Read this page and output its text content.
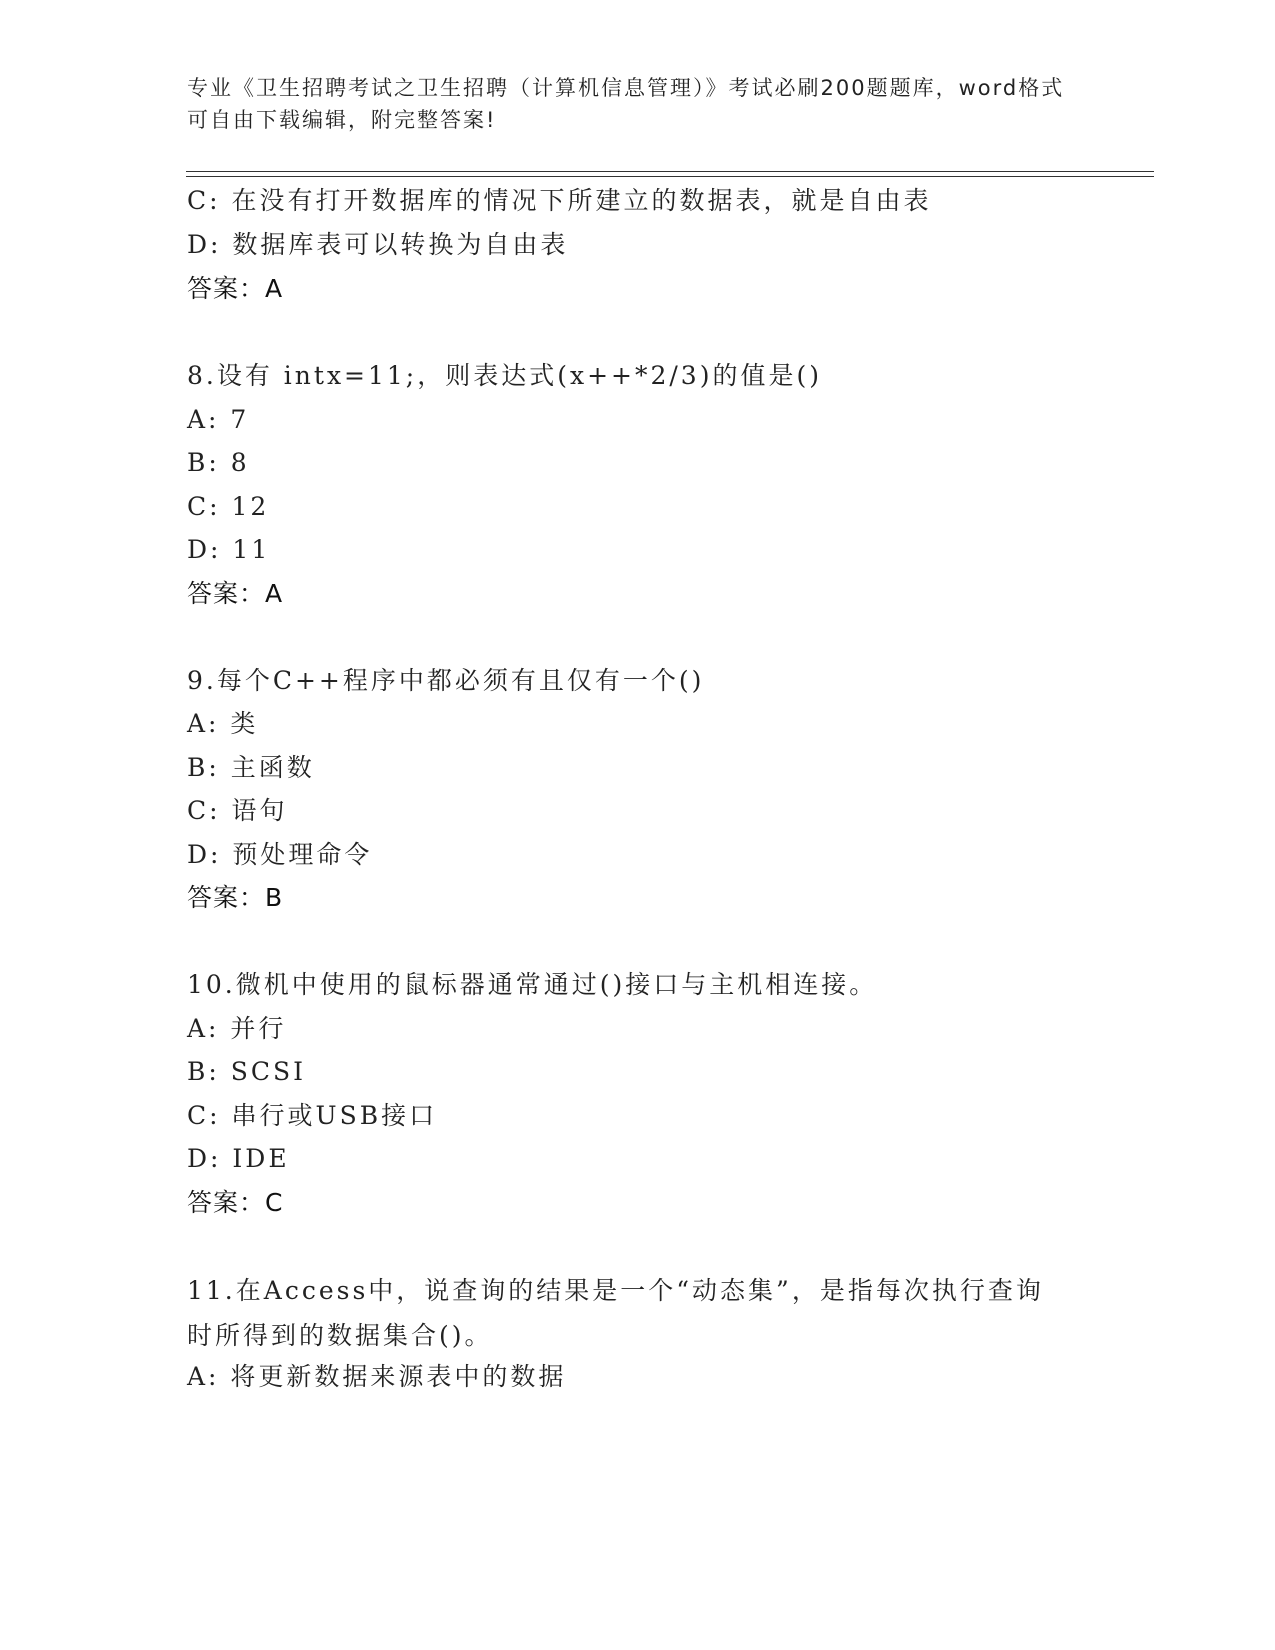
专业《卫生招聘考试之卫生招聘（计算机信息管理）》考试必刷200题题库，word格式可自由下载编辑，附完整答案!
C: 在没有打开数据库的情况下所建立的数据表，就是自由表
D: 数据库表可以转换为自由表
答案：A
8.设有 intx=11;，则表达式(x++*2/3)的值是()
A: 7
B: 8
C: 12
D: 11
答案：A
9.每个C++程序中都必须有且仅有一个()
A: 类
B: 主函数
C: 语句
D: 预处理命令
答案：B
10.微机中使用的鼠标器通常通过()接口与主机相连接。
A: 并行
B: SCSI
C: 串行或USB接口
D: IDE
答案：C
11.在Access中，说查询的结果是一个“动态集”，是指每次执行查询时所得到的数据集合()。
A: 将更新数据来源表中的数据
